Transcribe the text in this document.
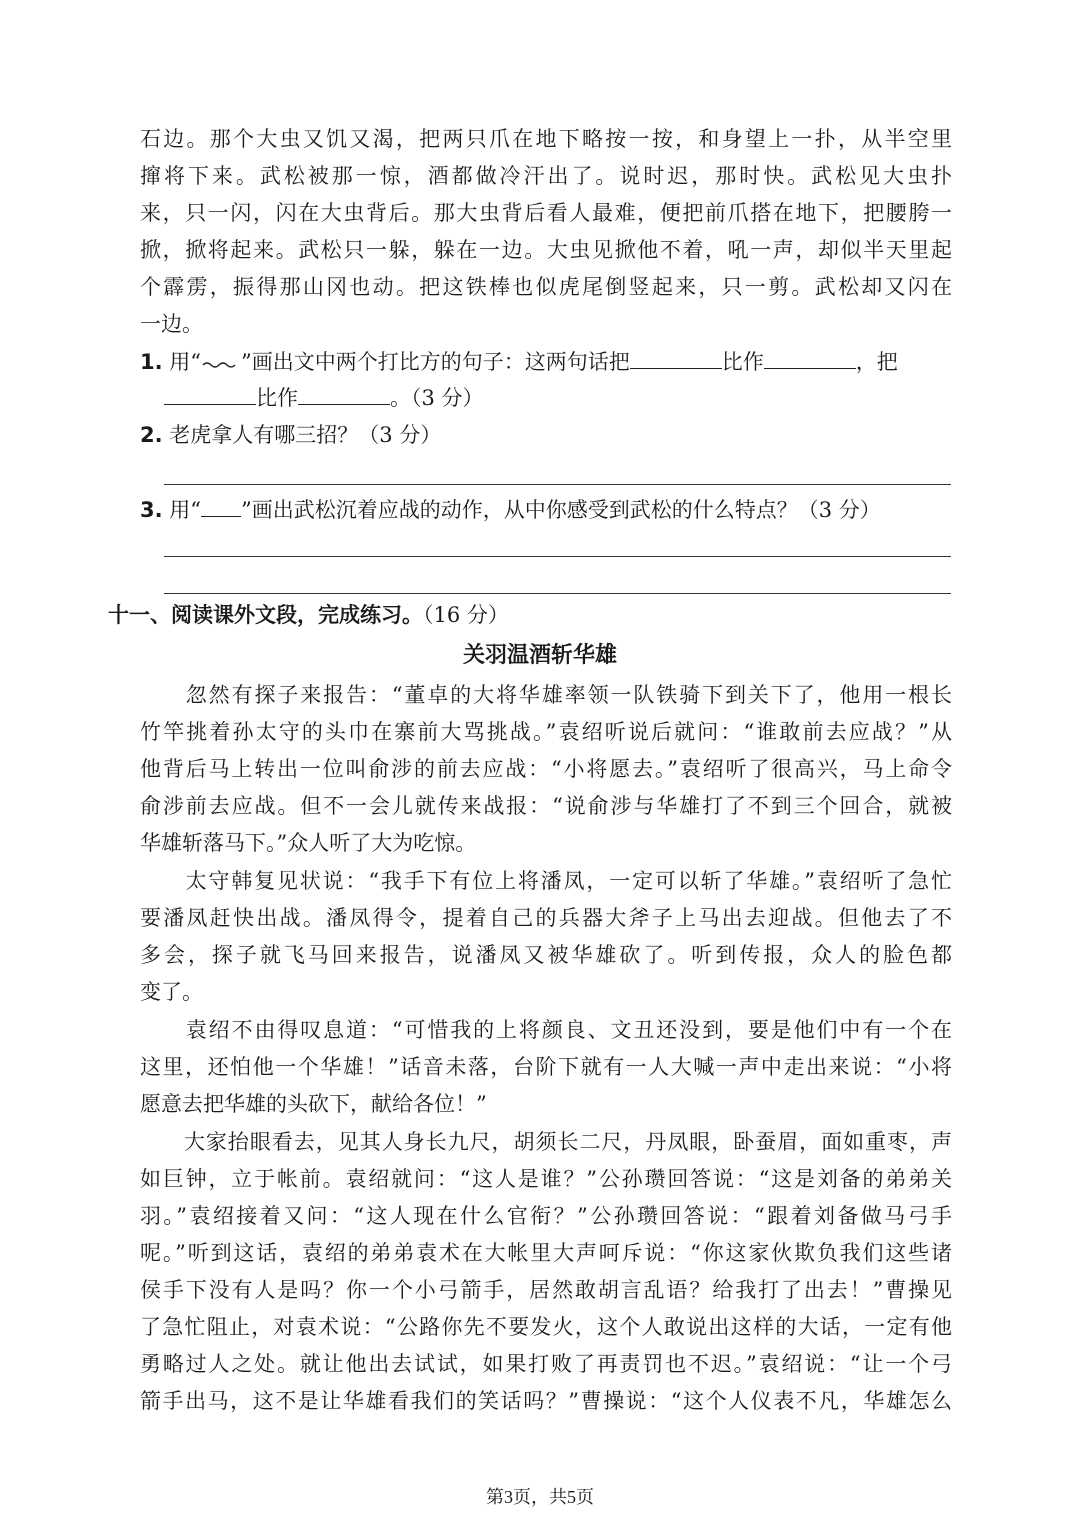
石边。那个大虫又饥又渴，把两只爪在地下略按一按，和身望上一扑，从半空里
撺将下来。武松被那一惊，酒都做冷汗出了。说时迟，那时快。武松见大虫扑
来，只一闪，闪在大虫背后。那大虫背后看人最难，便把前爪搭在地下，把腰胯一
掀，掀将起来。武松只一躲，躲在一边。大虫见掀他不着，吼一声，却似半天里起
个霹雳，振得那山冈也动。把这铁棒也似虎尾倒竖起来，只一剪。武松却又闪在
一边。
1. 用“ ”画出文中两个打比方的句子：这两句话把	比作	，把
比作	。（3 分）
2. 老虎拿人有哪三招？（3 分）
3. 用“ ”画出武松沉着应战的动作，从中你感受到武松的什么特点？（3 分）
十一、阅读课外文段，完成练习。（16 分）
关羽温酒斩华雄
　　忽然有探子来报告：“董卓的大将华雄率领一队铁骑下到关下了，他用一根长
竹竿挑着孙太守的头巾在寨前大骂挑战。”袁绍听说后就问：“谁敢前去应战？”从
他背后马上转出一位叫俞涉的前去应战：“小将愿去。”袁绍听了很高兴，马上命令
俞涉前去应战。但不一会儿就传来战报：“说俞涉与华雄打了不到三个回合，就被
华雄斩落马下。”众人听了大为吃惊。
　　太守韩复见状说：“我手下有位上将潘凤，一定可以斩了华雄。”袁绍听了急忙
要潘凤赶快出战。潘凤得令，提着自己的兵器大斧子上马出去迎战。但他去了不
多会，探子就飞马回来报告，说潘凤又被华雄砍了。听到传报，众人的脸色都
变了。
　　袁绍不由得叹息道：“可惜我的上将颜良、文丑还没到，要是他们中有一个在
这里，还怕他一个华雄！”话音未落，台阶下就有一人大喊一声中走出来说：“小将
愿意去把华雄的头砍下，献给各位！”
　　大家抬眼看去，见其人身长九尺，胡须长二尺，丹凤眼，卧蚕眉，面如重枣，声
如巨钟，立于帐前。袁绍就问：“这人是谁？”公孙瓒回答说：“这是刘备的弟弟关
羽。”袁绍接着又问：“这人现在什么官衔？”公孙瓒回答说：“跟着刘备做马弓手
呢。”听到这话，袁绍的弟弟袁术在大帐里大声呵斥说：“你这家伙欺负我们这些诸
侯手下没有人是吗？你一个小弓箭手，居然敢胡言乱语？给我打了出去！”曹操见
了急忙阻止，对袁术说：“公路你先不要发火，这个人敢说出这样的大话，一定有他
勇略过人之处。就让他出去试试，如果打败了再责罚也不迟。”袁绍说：“让一个弓
箭手出马，这不是让华雄看我们的笑话吗？”曹操说：“这个人仪表不凡，华雄怎么
第3页，共5页
